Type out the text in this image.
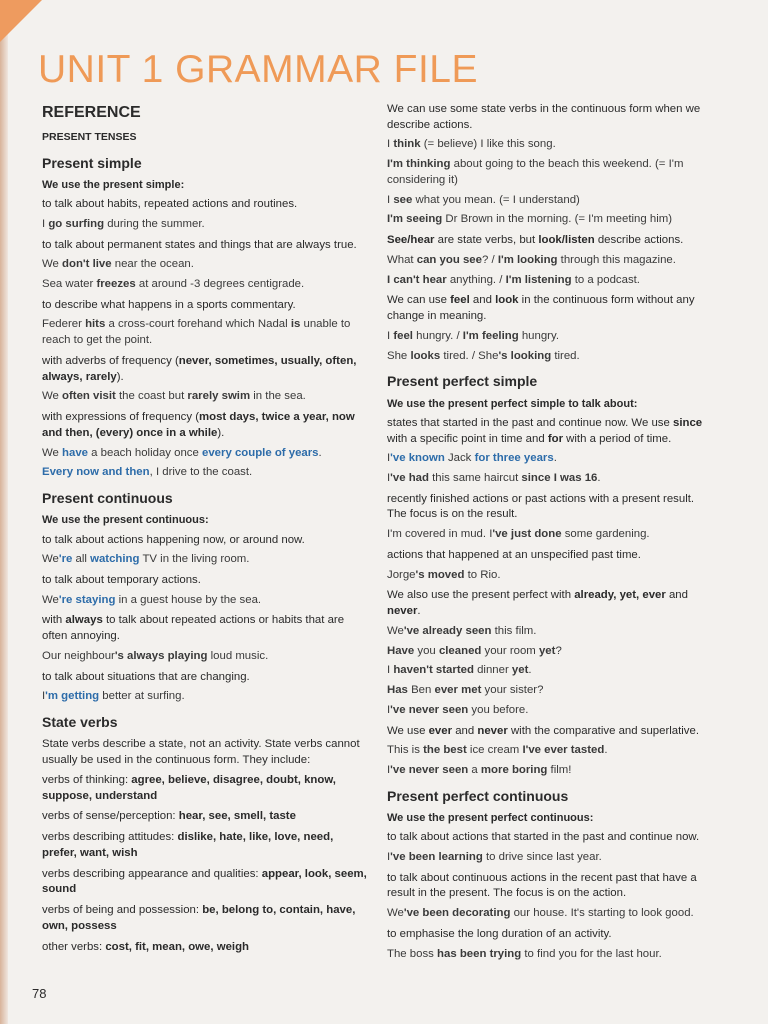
UNIT 1 GRAMMAR FILE
REFERENCE
PRESENT TENSES
Present simple

We use the present simple:

to talk about habits, repeated actions and routines.

I go surfing during the summer.

to talk about permanent states and things that are always true.

We don't live near the ocean.

Sea water freezes at around -3 degrees centigrade.

to describe what happens in a sports commentary.

Federer hits a cross-court forehand which Nadal is unable to reach to get the point.

with adverbs of frequency (never, sometimes, usually, often, always, rarely).

We often visit the coast but rarely swim in the sea.

with expressions of frequency (most days, twice a year, now and then, (every) once in a while).

We have a beach holiday once every couple of years.

Every now and then, I drive to the coast.

Present continuous

We use the present continuous:

to talk about actions happening now, or around now.

We're all watching TV in the living room.

to talk about temporary actions.

We're staying in a guest house by the sea.

with always to talk about repeated actions or habits that are often annoying.

Our neighbour's always playing loud music.

to talk about situations that are changing.

I'm getting better at surfing.

State verbs

State verbs describe a state, not an activity. State verbs cannot usually be used in the continuous form. They include:

verbs of thinking: agree, believe, disagree, doubt, know, suppose, understand

verbs of sense/perception: hear, see, smell, taste

verbs describing attitudes: dislike, hate, like, love, need, prefer, want, wish

verbs describing appearance and qualities: appear, look, seem, sound

verbs of being and possession: be, belong to, contain, have, own, possess

other verbs: cost, fit, mean, owe, weigh

We can use some state verbs in the continuous form when we describe actions.

I think (= believe) I like this song.

I'm thinking about going to the beach this weekend. (= I'm considering it)

I see what you mean. (= I understand)

I'm seeing Dr Brown in the morning. (= I'm meeting him)

See/hear are state verbs, but look/listen describe actions.

What can you see? / I'm looking through this magazine.

I can't hear anything. / I'm listening to a podcast.

We can use feel and look in the continuous form without any change in meaning.

I feel hungry. / I'm feeling hungry.

She looks tired. / She's looking tired.

Present perfect simple

We use the present perfect simple to talk about:

states that started in the past and continue now. We use since with a specific point in time and for with a period of time.

I've known Jack for three years.

I've had this same haircut since I was 16.

recently finished actions or past actions with a present result. The focus is on the result.

I'm covered in mud. I've just done some gardening.

actions that happened at an unspecified past time.

Jorge's moved to Rio.

We also use the present perfect with already, yet, ever and never.

We've already seen this film.

Have you cleaned your room yet?

I haven't started dinner yet.

Has Ben ever met your sister?

I've never seen you before.

We use ever and never with the comparative and superlative.

This is the best ice cream I've ever tasted.

I've never seen a more boring film!

Present perfect continuous

We use the present perfect continuous:

to talk about actions that started in the past and continue now.

I've been learning to drive since last year.

to talk about continuous actions in the recent past that have a result in the present. The focus is on the action.

We've been decorating our house. It's starting to look good.

to emphasise the long duration of an activity.

The boss has been trying to find you for the last hour.

78
